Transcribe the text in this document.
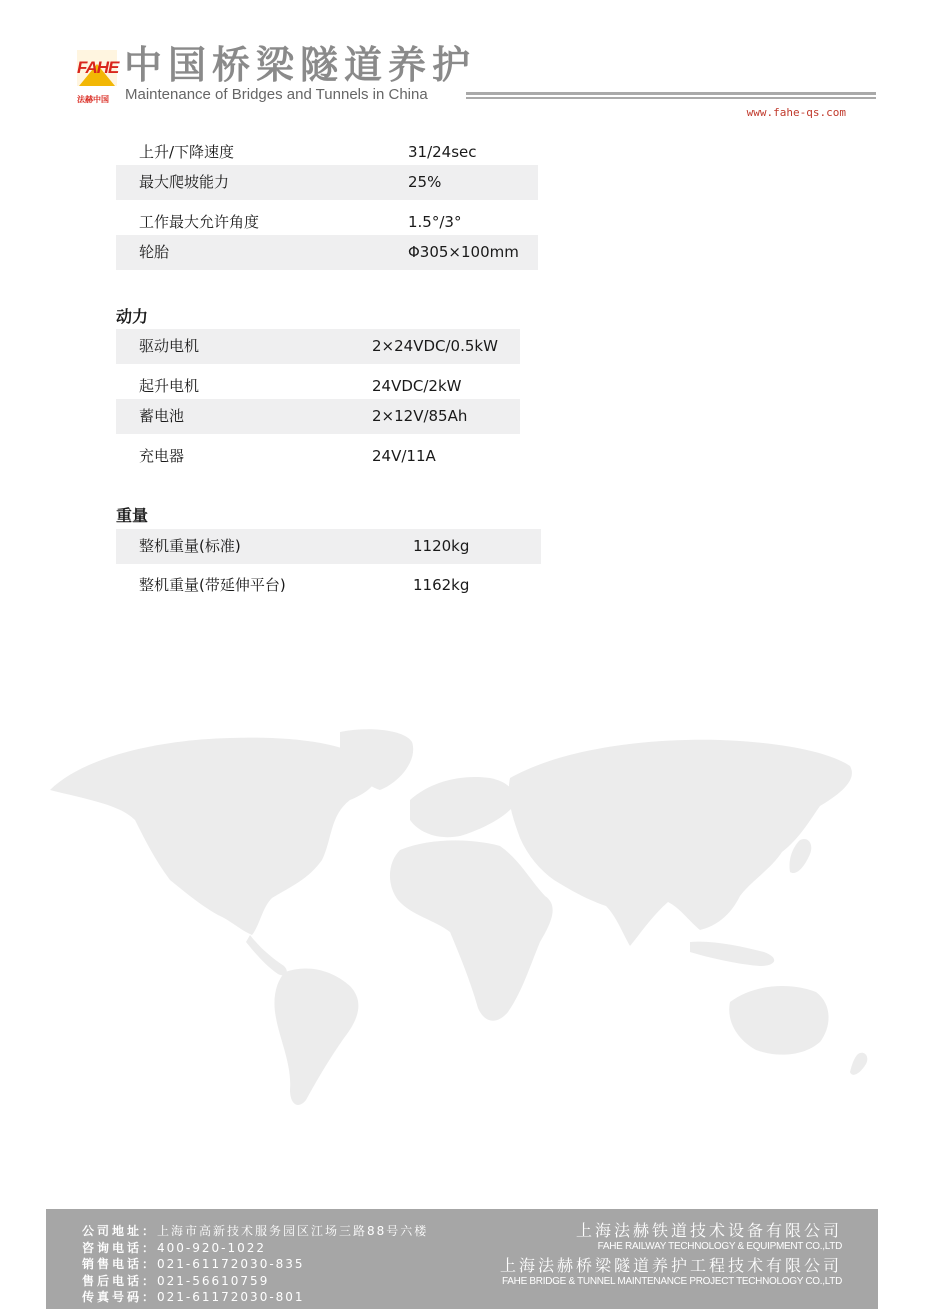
FAHE
法赫中国
中国桥梁隧道养护
Maintenance of Bridges and Tunnels in China
www.fahe-qs.com
上升/下降速度	31/24sec
最大爬坡能力	25%
工作最大允许角度	1.5°/3°
轮胎	Φ305×100mm
动力
驱动电机	2×24VDC/0.5kW
起升电机	24VDC/2kW
蓄电池	2×12V/85Ah
充电器	24V/11A
重量
整机重量(标准)	1120kg
整机重量(带延伸平台)	1162kg
公司地址：上海市高新技术服务园区江场三路88号六楼
咨询电话：400-920-1022
销售电话：021-61172030-835
售后电话：021-56610759
传真号码：021-61172030-801
上海法赫铁道技术设备有限公司
FAHE RAILWAY TECHNOLOGY & EQUIPMENT CO.,LTD
上海法赫桥梁隧道养护工程技术有限公司
FAHE BRIDGE & TUNNEL MAINTENANCE PROJECT TECHNOLOGY CO.,LTD
